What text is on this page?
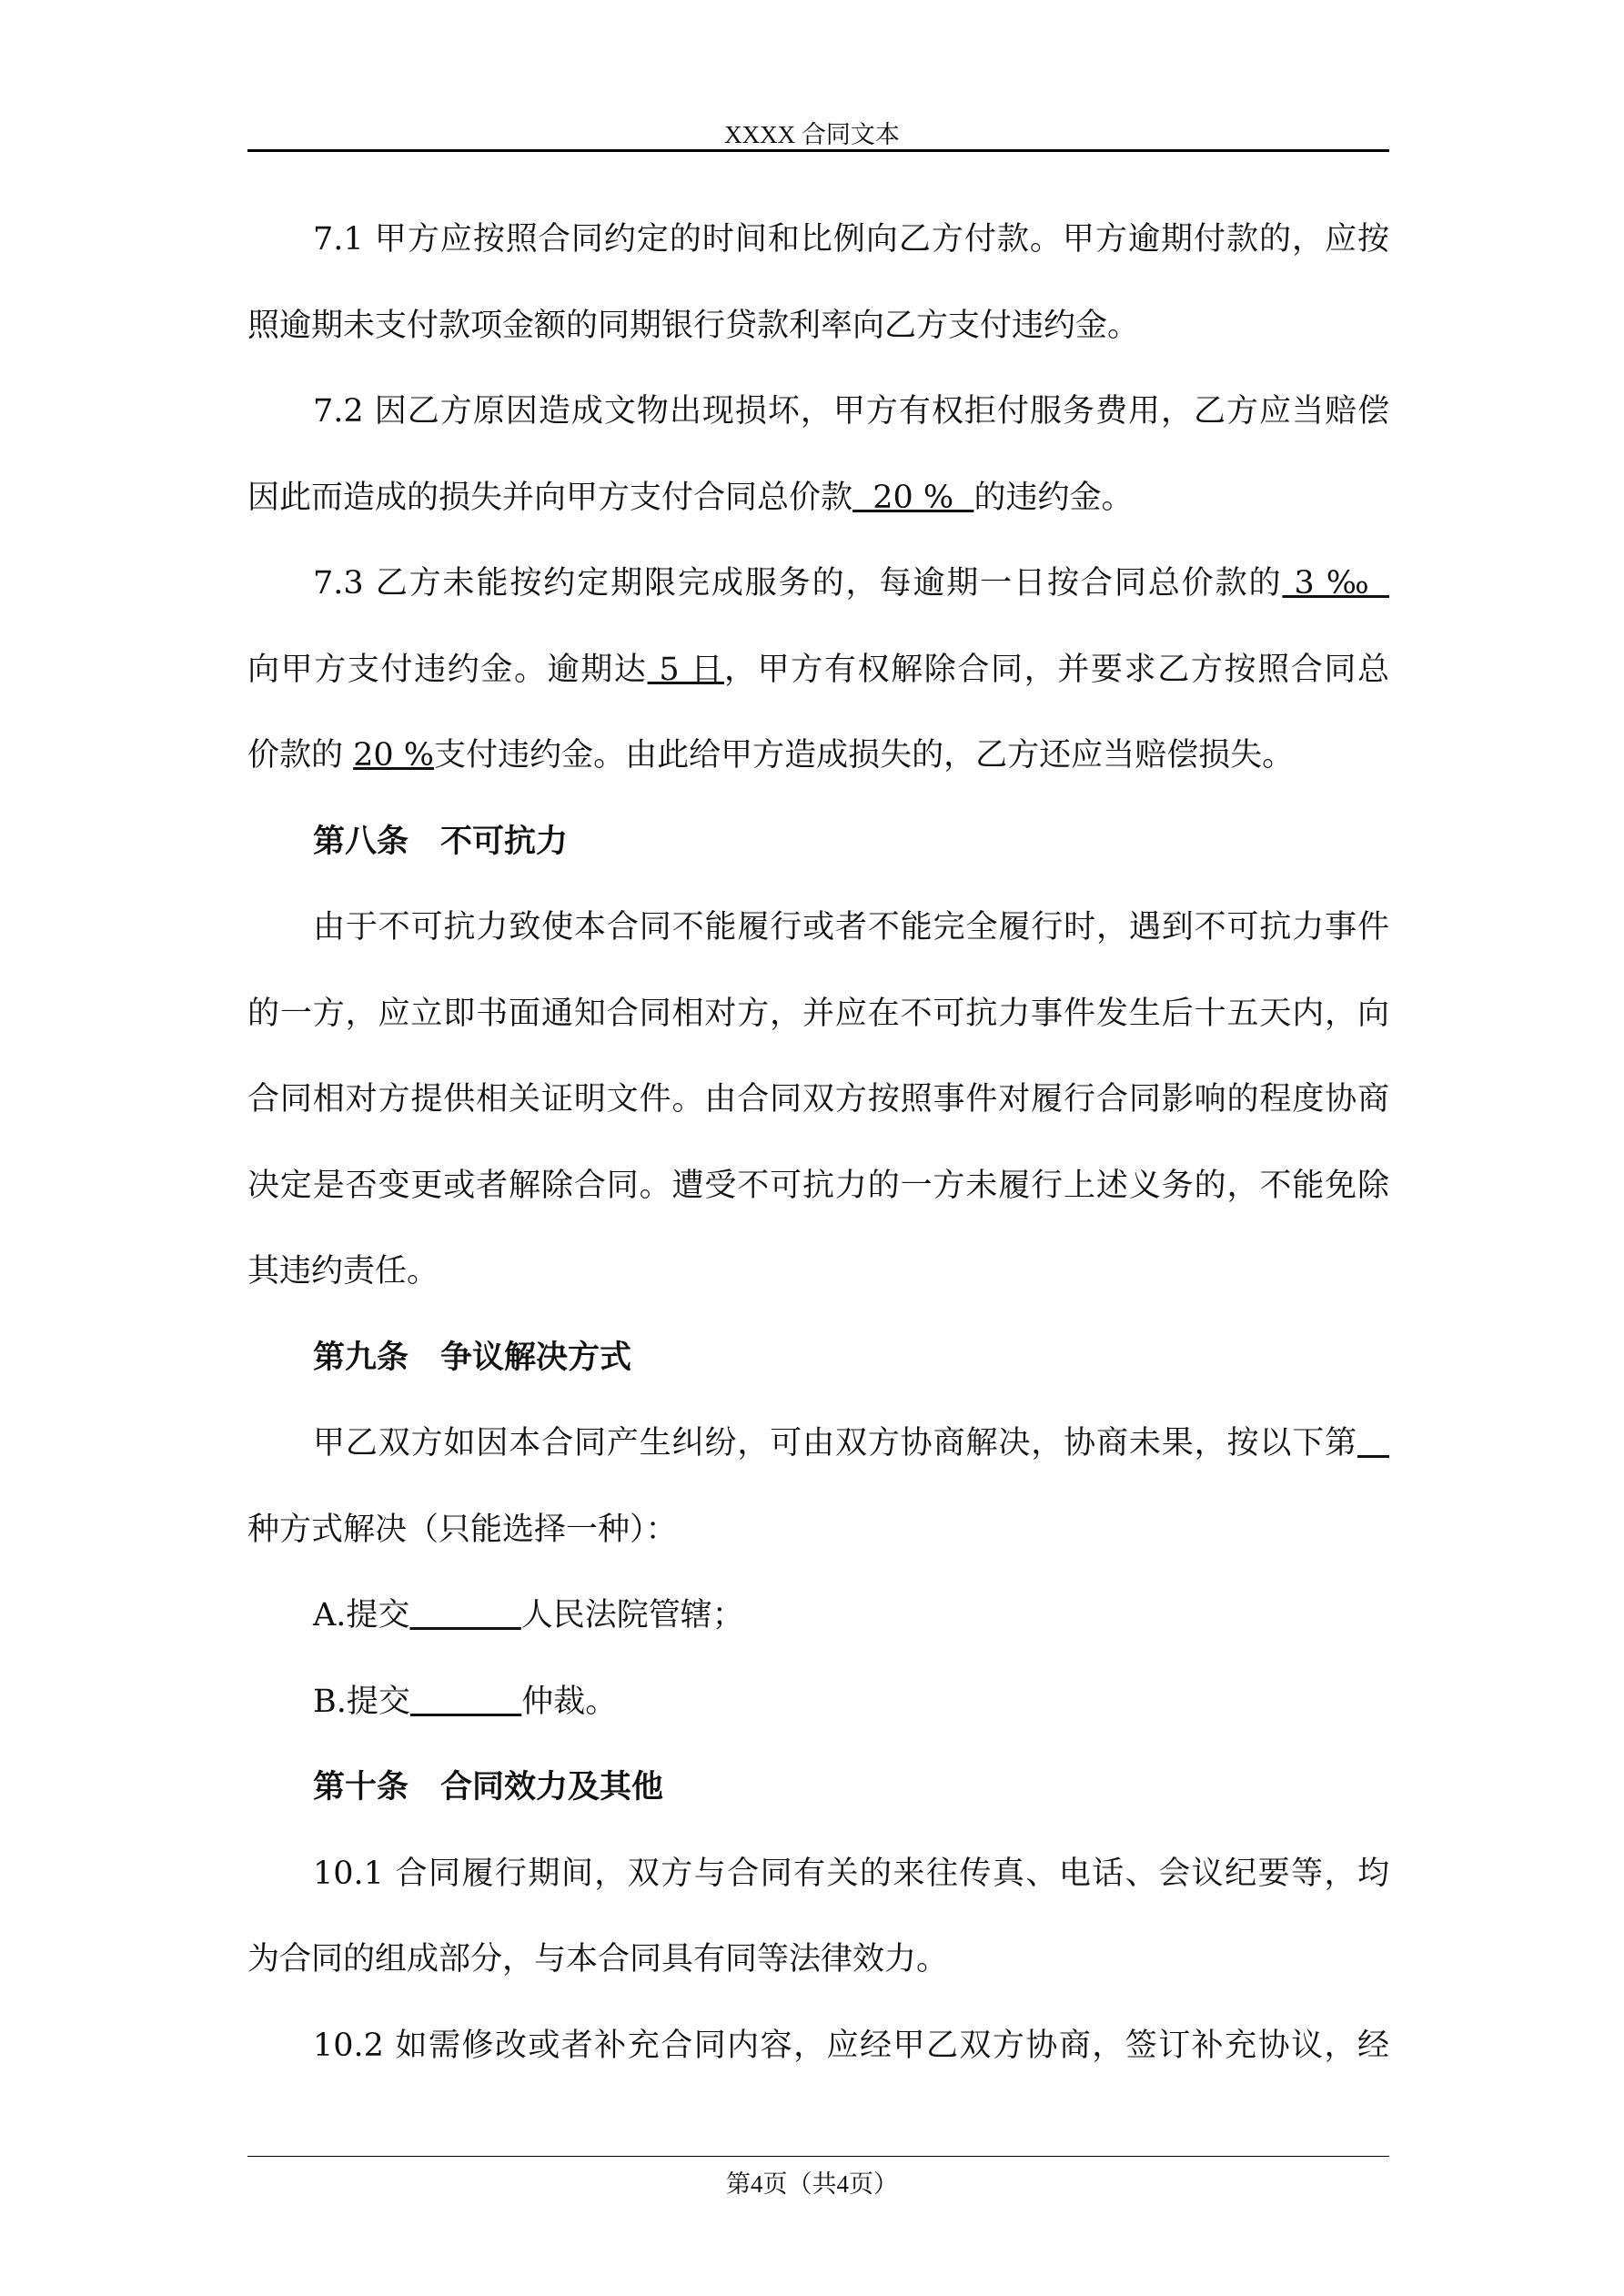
XXXX 合同文本
7.1 甲方应按照合同约定的时间和比例向乙方付款。甲方逾期付款的，应按
照逾期未支付款项金额的同期银行贷款利率向乙方支付违约金。
7.2 因乙方原因造成文物出现损坏，甲方有权拒付服务费用，乙方应当赔偿
因此而造成的损失并向甲方支付合同总价款  20 %  的违约金。
7.3 乙方未能按约定期限完成服务的，每逾期一日按合同总价款的 3 ‰
向甲方支付违约金。逾期达 5 日，甲方有权解除合同，并要求乙方按照合同总
价款的 20 %支付违约金。由此给甲方造成损失的，乙方还应当赔偿损失。
第八条　不可抗力
由于不可抗力致使本合同不能履行或者不能完全履行时，遇到不可抗力事件
的一方，应立即书面通知合同相对方，并应在不可抗力事件发生后十五天内，向
合同相对方提供相关证明文件。由合同双方按照事件对履行合同影响的程度协商
决定是否变更或者解除合同。遭受不可抗力的一方未履行上述义务的，不能免除
其违约责任。
第九条　争议解决方式
甲乙双方如因本合同产生纠纷，可由双方协商解决，协商未果，按以下第　
种方式解决（只能选择一种）：
A.提交	人民法院管辖；
B.提交	仲裁。
第十条　合同效力及其他
10.1 合同履行期间，双方与合同有关的来往传真、电话、会议纪要等，均
为合同的组成部分，与本合同具有同等法律效力。
10.2 如需修改或者补充合同内容，应经甲乙双方协商，签订补充协议，经
第4页（共4页）
